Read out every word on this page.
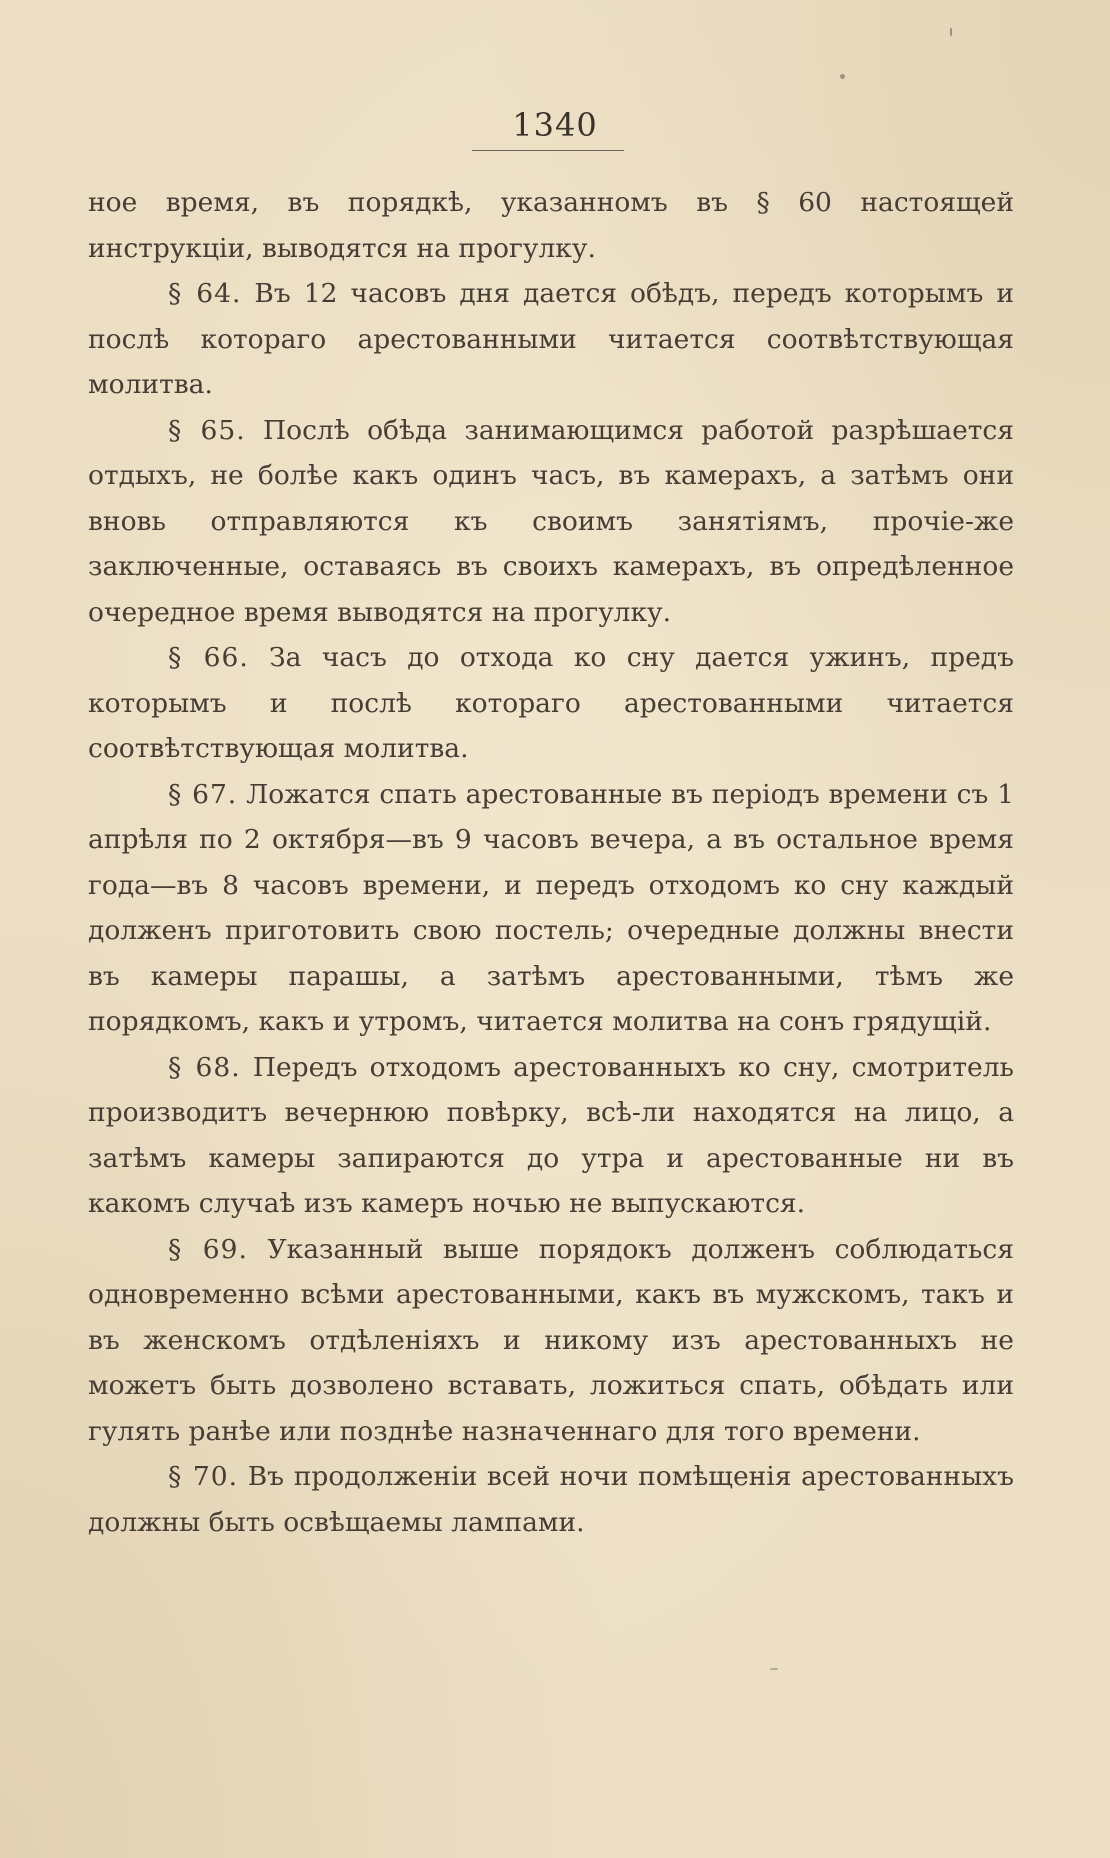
1340

ное время, въ порядкѣ, указанномъ въ § 60 настоящей инструкціи, выводятся на прогулку.

§ 64. Въ 12 часовъ дня дается обѣдъ, передъ которымъ и послѣ котораго арестованными читается соотвѣтствующая молитва.

§ 65. Послѣ обѣда занимающимся работой разрѣшается отдыхъ, не болѣе какъ одинъ часъ, въ камерахъ, а затѣмъ они вновь отправляются къ своимъ занятіямъ, прочіе-же заключенные, оставаясь въ своихъ камерахъ, въ опредѣленное очередное время выводятся на прогулку.

§ 66. За часъ до отхода ко сну дается ужинъ, предъ которымъ и послѣ котораго арестованными читается соотвѣтствующая молитва.

§ 67. Ложатся спать арестованные въ періодъ времени съ 1 апрѣля по 2 октября—въ 9 часовъ вечера, а въ остальное время года—въ 8 часовъ времени, и передъ отходомъ ко сну каждый долженъ приготовить свою постель; очередные должны внести въ камеры парашы, а затѣмъ арестованными, тѣмъ же порядкомъ, какъ и утромъ, читается молитва на сонъ грядущій.

§ 68. Передъ отходомъ арестованныхъ ко сну, смотритель производитъ вечернюю повѣрку, всѣ-ли находятся на лицо, а затѣмъ камеры запираются до утра и арестованные ни въ какомъ случаѣ изъ камеръ ночью не выпускаются.

§ 69. Указанный выше порядокъ долженъ соблюдаться одновременно всѣми арестованными, какъ въ мужскомъ, такъ и въ женскомъ отдѣленіяхъ и никому изъ арестованныхъ не можетъ быть дозволено вставать, ложиться спать, обѣдать или гулять ранѣе или позднѣе назначеннаго для того времени.

§ 70. Въ продолженіи всей ночи помѣщенія арестованныхъ должны быть освѣщаемы лампами.
